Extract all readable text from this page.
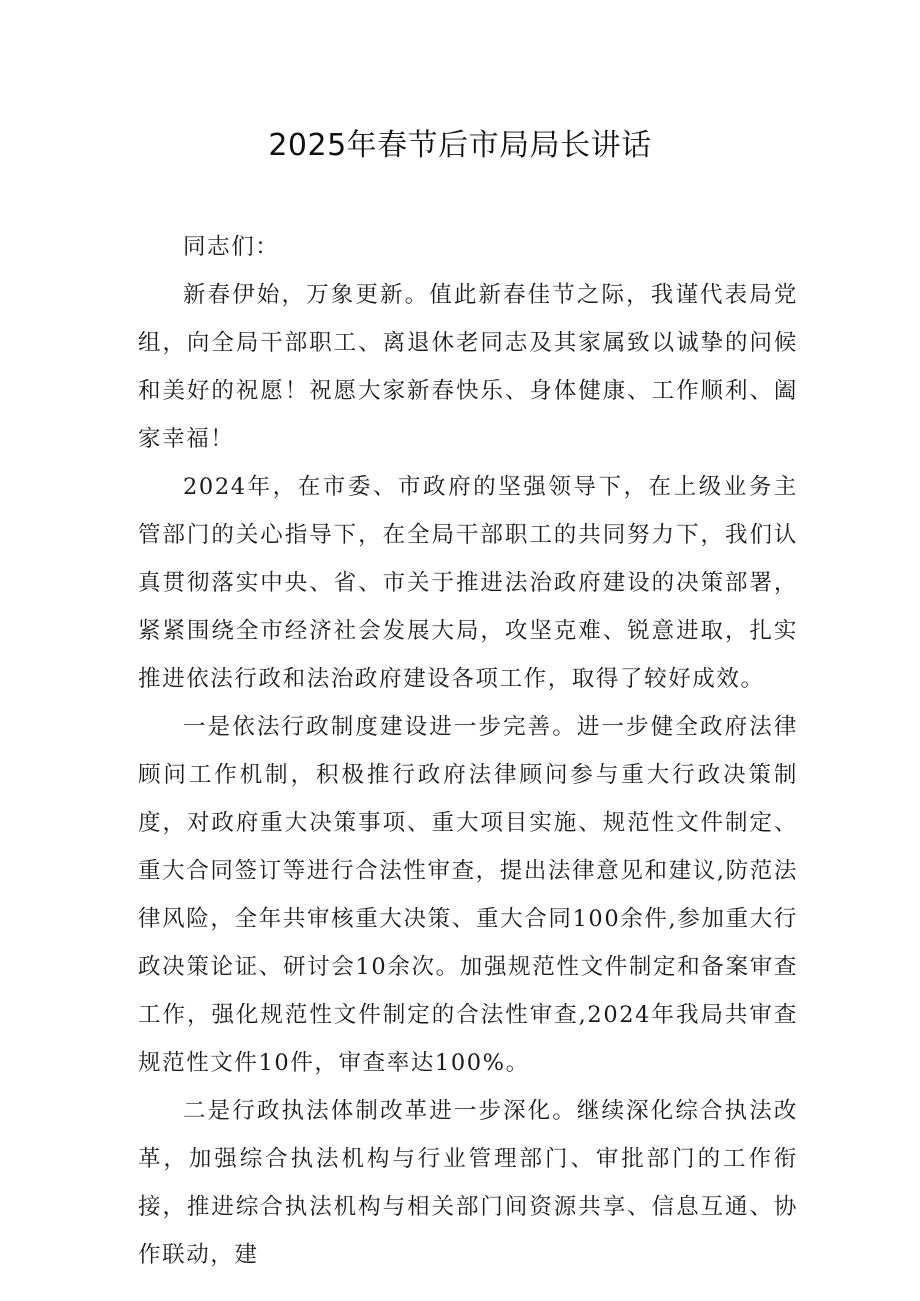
2025年春节后市局局长讲话

同志们：

新春伊始，万象更新。值此新春佳节之际，我谨代表局党组，向全局干部职工、离退休老同志及其家属致以诚挚的问候和美好的祝愿！祝愿大家新春快乐、身体健康、工作顺利、阖家幸福！

2024年，在市委、市政府的坚强领导下，在上级业务主管部门的关心指导下，在全局干部职工的共同努力下，我们认真贯彻落实中央、省、市关于推进法治政府建设的决策部署，紧紧围绕全市经济社会发展大局，攻坚克难、锐意进取，扎实推进依法行政和法治政府建设各项工作，取得了较好成效。

一是依法行政制度建设进一步完善。进一步健全政府法律顾问工作机制，积极推行政府法律顾问参与重大行政决策制度，对政府重大决策事项、重大项目实施、规范性文件制定、重大合同签订等进行合法性审查，提出法律意见和建议,防范法律风险，全年共审核重大决策、重大合同100余件,参加重大行政决策论证、研讨会10余次。加强规范性文件制定和备案审查工作，强化规范性文件制定的合法性审查,2024年我局共审查规范性文件10件，审查率达100%。

二是行政执法体制改革进一步深化。继续深化综合执法改革，加强综合执法机构与行业管理部门、审批部门的工作衔接，推进综合执法机构与相关部门间资源共享、信息互通、协作联动，建
